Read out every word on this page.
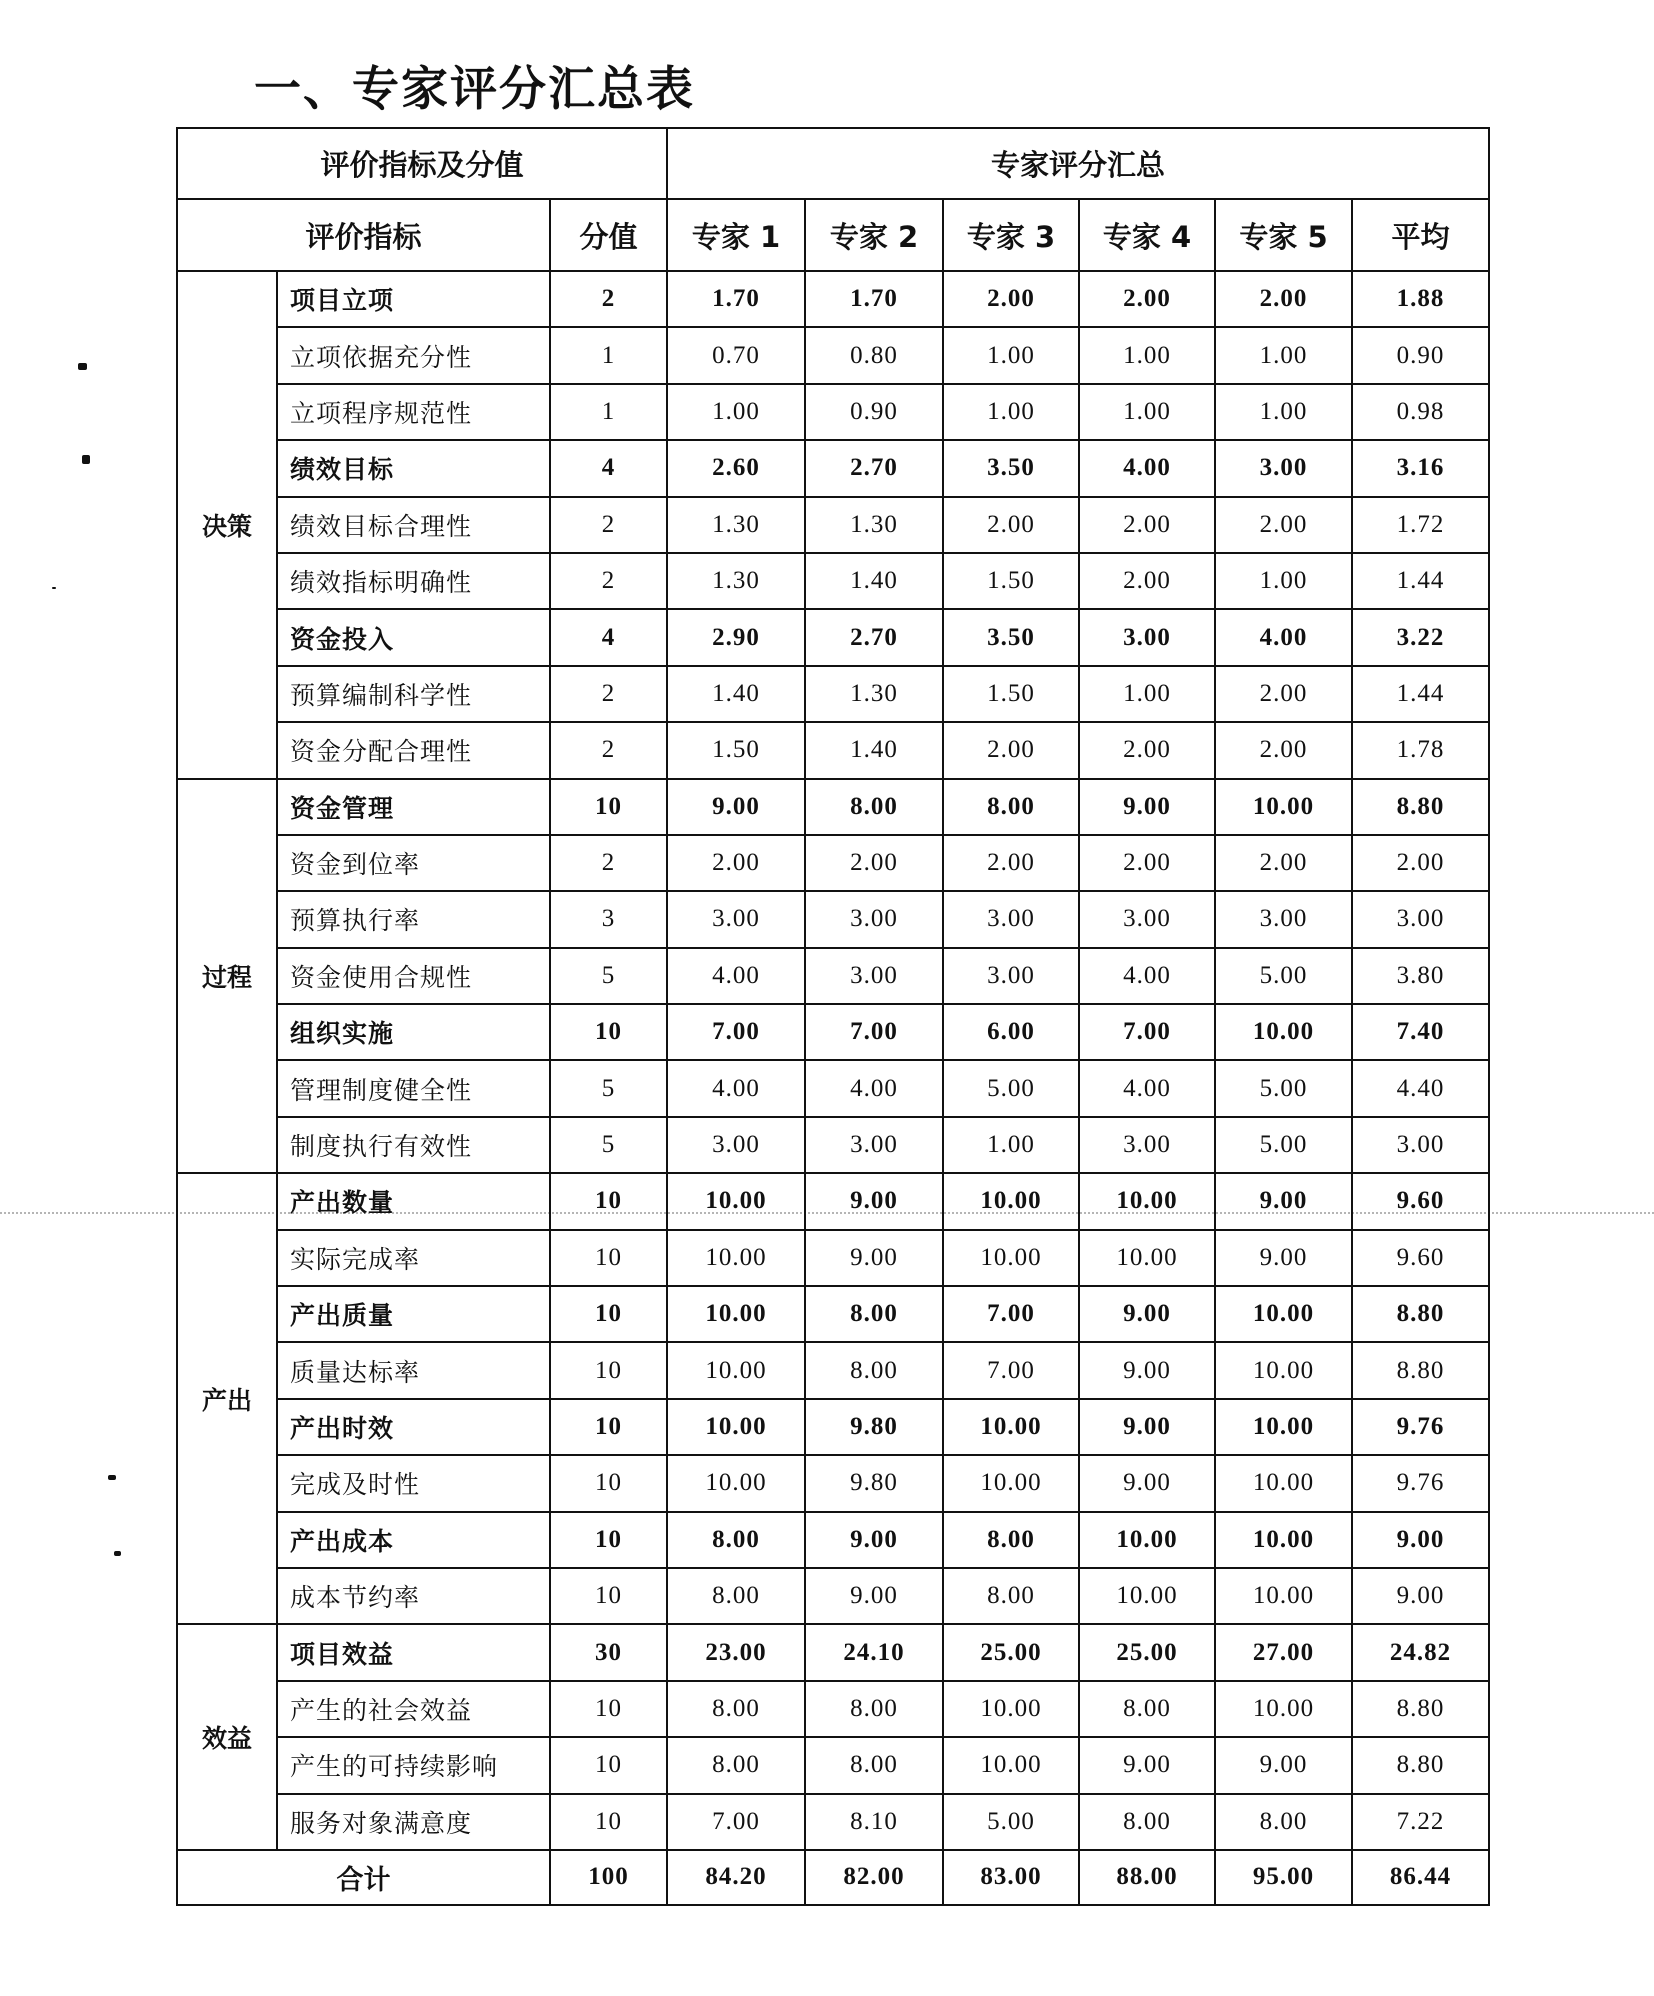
一、专家评分汇总表
评价指标及分值			专家评分汇总					
评价指标		分值	专家 1	专家 2	专家 3	专家 4	专家 5	平均
决策	项目立项	2	1.70	1.70	2.00	2.00	2.00	1.88
	立项依据充分性	1	0.70	0.80	1.00	1.00	1.00	0.90
	立项程序规范性	1	1.00	0.90	1.00	1.00	1.00	0.98
	绩效目标	4	2.60	2.70	3.50	4.00	3.00	3.16
	绩效目标合理性	2	1.30	1.30	2.00	2.00	2.00	1.72
	绩效指标明确性	2	1.30	1.40	1.50	2.00	1.00	1.44
	资金投入	4	2.90	2.70	3.50	3.00	4.00	3.22
	预算编制科学性	2	1.40	1.30	1.50	1.00	2.00	1.44
	资金分配合理性	2	1.50	1.40	2.00	2.00	2.00	1.78
过程	资金管理	10	9.00	8.00	8.00	9.00	10.00	8.80
	资金到位率	2	2.00	2.00	2.00	2.00	2.00	2.00
	预算执行率	3	3.00	3.00	3.00	3.00	3.00	3.00
	资金使用合规性	5	4.00	3.00	3.00	4.00	5.00	3.80
	组织实施	10	7.00	7.00	6.00	7.00	10.00	7.40
	管理制度健全性	5	4.00	4.00	5.00	4.00	5.00	4.40
	制度执行有效性	5	3.00	3.00	1.00	3.00	5.00	3.00
产出	产出数量	10	10.00	9.00	10.00	10.00	9.00	9.60
	实际完成率	10	10.00	9.00	10.00	10.00	9.00	9.60
	产出质量	10	10.00	8.00	7.00	9.00	10.00	8.80
	质量达标率	10	10.00	8.00	7.00	9.00	10.00	8.80
	产出时效	10	10.00	9.80	10.00	9.00	10.00	9.76
	完成及时性	10	10.00	9.80	10.00	9.00	10.00	9.76
	产出成本	10	8.00	9.00	8.00	10.00	10.00	9.00
	成本节约率	10	8.00	9.00	8.00	10.00	10.00	9.00
效益	项目效益	30	23.00	24.10	25.00	25.00	27.00	24.82
	产生的社会效益	10	8.00	8.00	10.00	8.00	10.00	8.80
	产生的可持续影响	10	8.00	8.00	10.00	9.00	9.00	8.80
	服务对象满意度	10	7.00	8.10	5.00	8.00	8.00	7.22
合计		100	84.20	82.00	83.00	88.00	95.00	86.44
